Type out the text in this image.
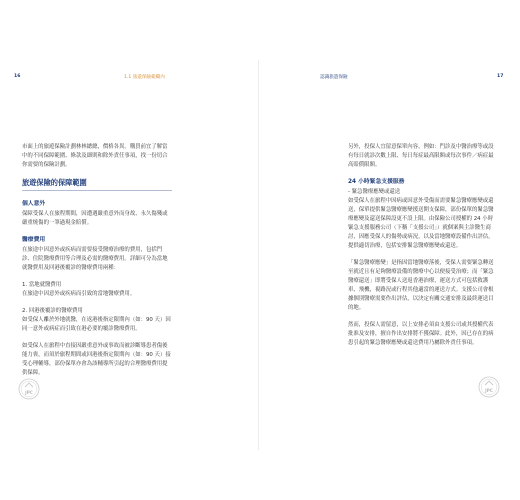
16	1.1 旅遊保險範疇內

市面上的旅遊保險計劃林林總總，價格各異。購買前宜了解當中的不同保障範圍、條款及細則和除外責任事項，找一份切合你需要的保險計劃。

旅遊保險的保障範圍
個人意外

保障受保人在旅程期間，因遭遇嚴重意外而身故、永久傷殘或嚴重燒傷的一筆過現金賠償。

醫療費用

在旅途中因意外或疾病而需要接受醫療治療的費用，包括門診、住院醫療費用等合理及必需的醫療費用。詳細可分為當地就醫費用及回港後覆診的醫療費用兩種：

1. 當地就醫費用

在旅途中因意外或疾病而引致的當地醫療費用。

2. 回港後覆診的醫療費用

如受保人離於外地就醫，在返港後指定限期內（如：90 天）因同一意外或病症而引致在港必要的覆診醫療費用。

如受保人在旅程中直接因嚴重意外或事故而被診斷導患者傷後能力喪，而須於旅程期間或回港後指定限期內（如：90 天）接受心理輔導，部份保單亦會為該輔導所引起的合理醫療費用提供保障。

JPC
認識旅遊保險	17

另外，投保人宜留意保單內容，例如：門診及中醫治療等或設有每日就診次數上限、每日每症最高限額或每次事件／病症最高賠償限額。

24 小時緊急支援服務
- 緊急醫療應變或還送

如受保人在旅程中因病或因意外受傷而需要緊急醫療應變或還送，保單提供緊急醫療應變援送開支保障，部份保單的緊急醫療應變及還送保障設更不設上限。由保險公司授權的 24 小時緊急支援服務公司（下稱「支援公司」）就個案與主診醫生商討，因應受保人的傷勢或病況，以及當地醫療設備作出評估，提供適切治療，包括安排緊急醫療應變或還送。

「緊急醫療應變」是指因當地醫療落後，受保人需要緊急轉送至就近且有足夠醫療設備的醫療中心以便接受治療；而「緊急醫療還送」即將受保人送返香港治療，運送方式可包括救護車、飛機，視路況或行程其他適當的運送方式。支援公司會根據個別醫療需要作出評估，以決定有關交通安排及最終運送目的地。

然而，投保人需留意，以上安排必須由支援公司或其授權代表批准及安排，擅自作出安排將不獲保障。此外，因已存在的病患引起的緊急醫療應變或還送費用乃屬除外責任事項。

JPC
